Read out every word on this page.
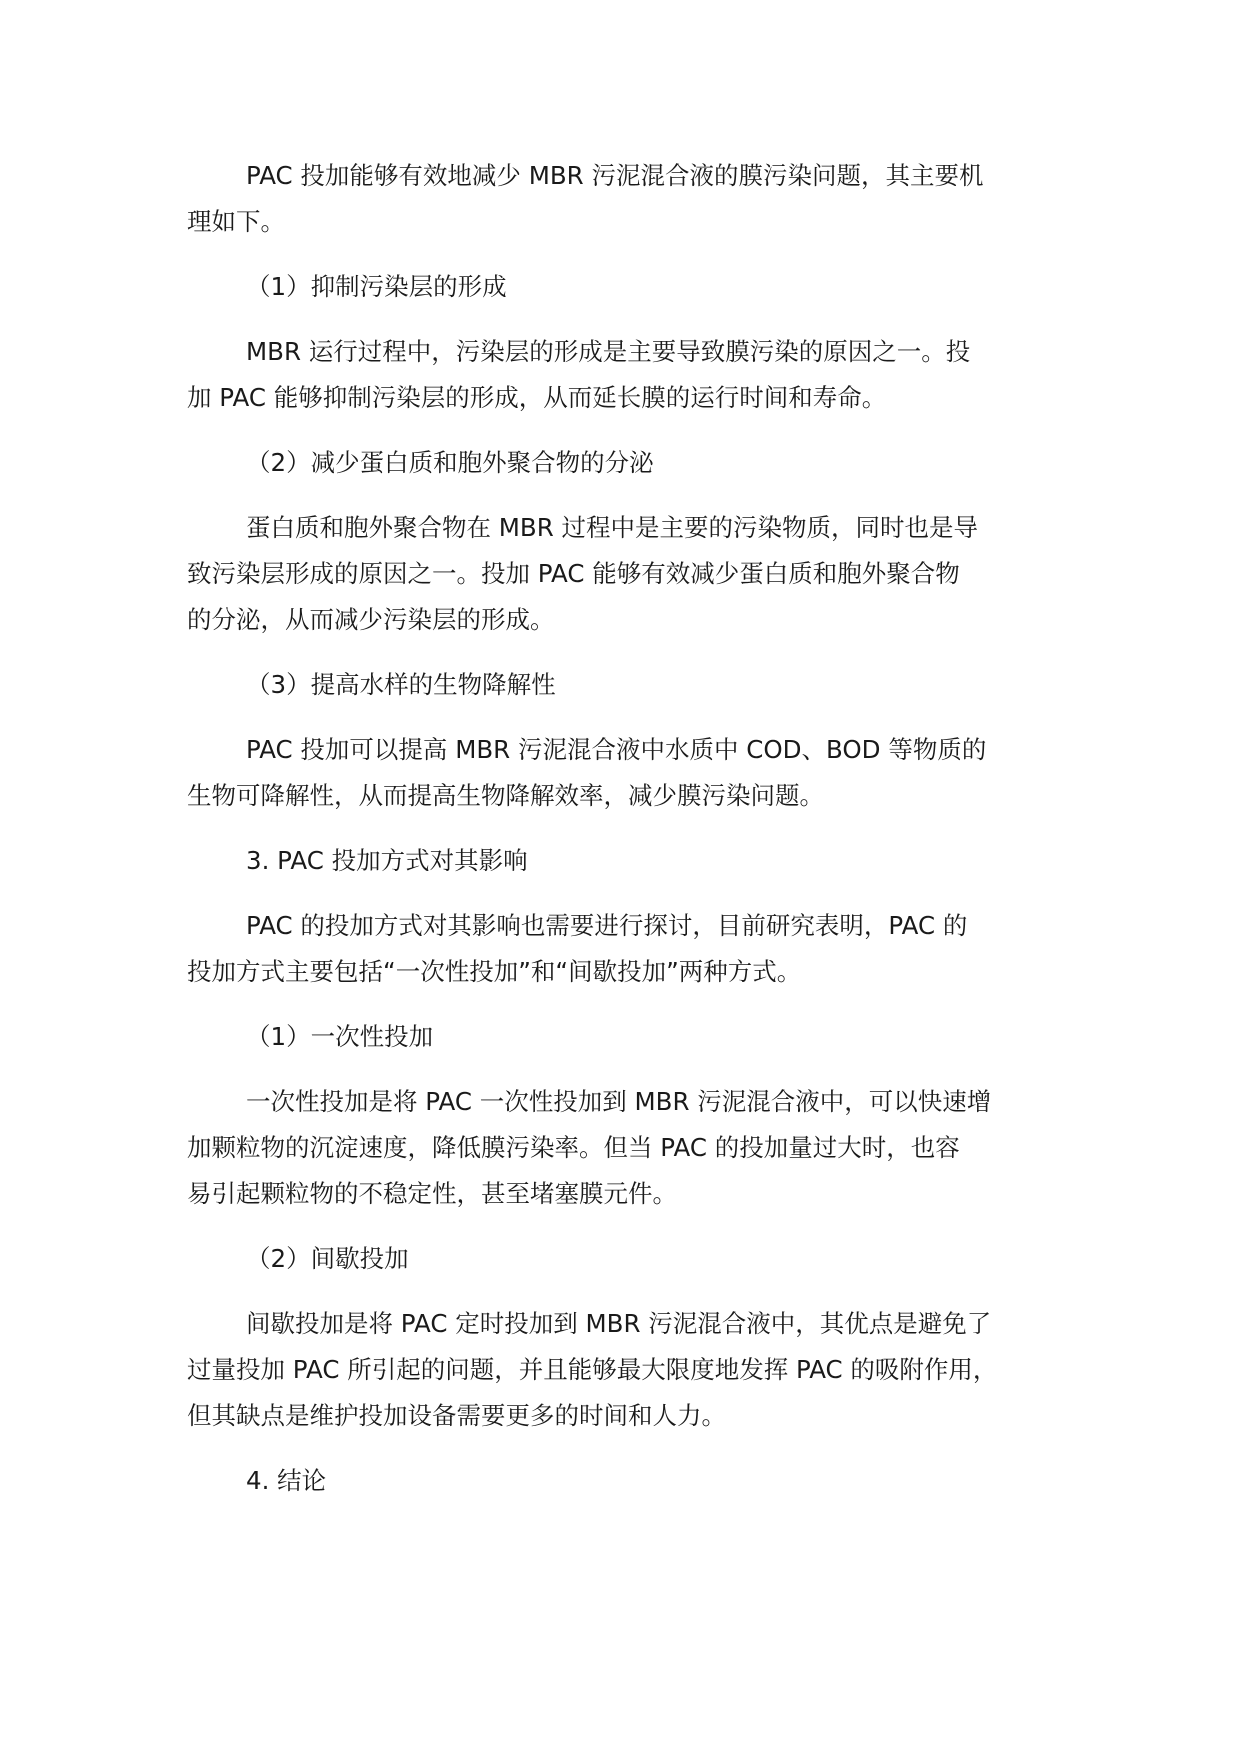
PAC 投加能够有效地减少 MBR 污泥混合液的膜污染问题，其主要机
理如下。
（1）抑制污染层的形成
MBR 运行过程中，污染层的形成是主要导致膜污染的原因之一。投
加 PAC 能够抑制污染层的形成，从而延长膜的运行时间和寿命。
（2）减少蛋白质和胞外聚合物的分泌
蛋白质和胞外聚合物在 MBR 过程中是主要的污染物质，同时也是导
致污染层形成的原因之一。投加 PAC 能够有效减少蛋白质和胞外聚合物
的分泌，从而减少污染层的形成。
（3）提高水样的生物降解性
PAC 投加可以提高 MBR 污泥混合液中水质中 COD、BOD 等物质的
生物可降解性，从而提高生物降解效率，减少膜污染问题。
3. PAC 投加方式对其影响
PAC 的投加方式对其影响也需要进行探讨，目前研究表明，PAC 的
投加方式主要包括“一次性投加”和“间歇投加”两种方式。
（1）一次性投加
一次性投加是将 PAC 一次性投加到 MBR 污泥混合液中，可以快速增
加颗粒物的沉淀速度，降低膜污染率。但当 PAC 的投加量过大时，也容
易引起颗粒物的不稳定性，甚至堵塞膜元件。
（2）间歇投加
间歇投加是将 PAC 定时投加到 MBR 污泥混合液中，其优点是避免了
过量投加 PAC 所引起的问题，并且能够最大限度地发挥 PAC 的吸附作用，
但其缺点是维护投加设备需要更多的时间和人力。
4. 结论
